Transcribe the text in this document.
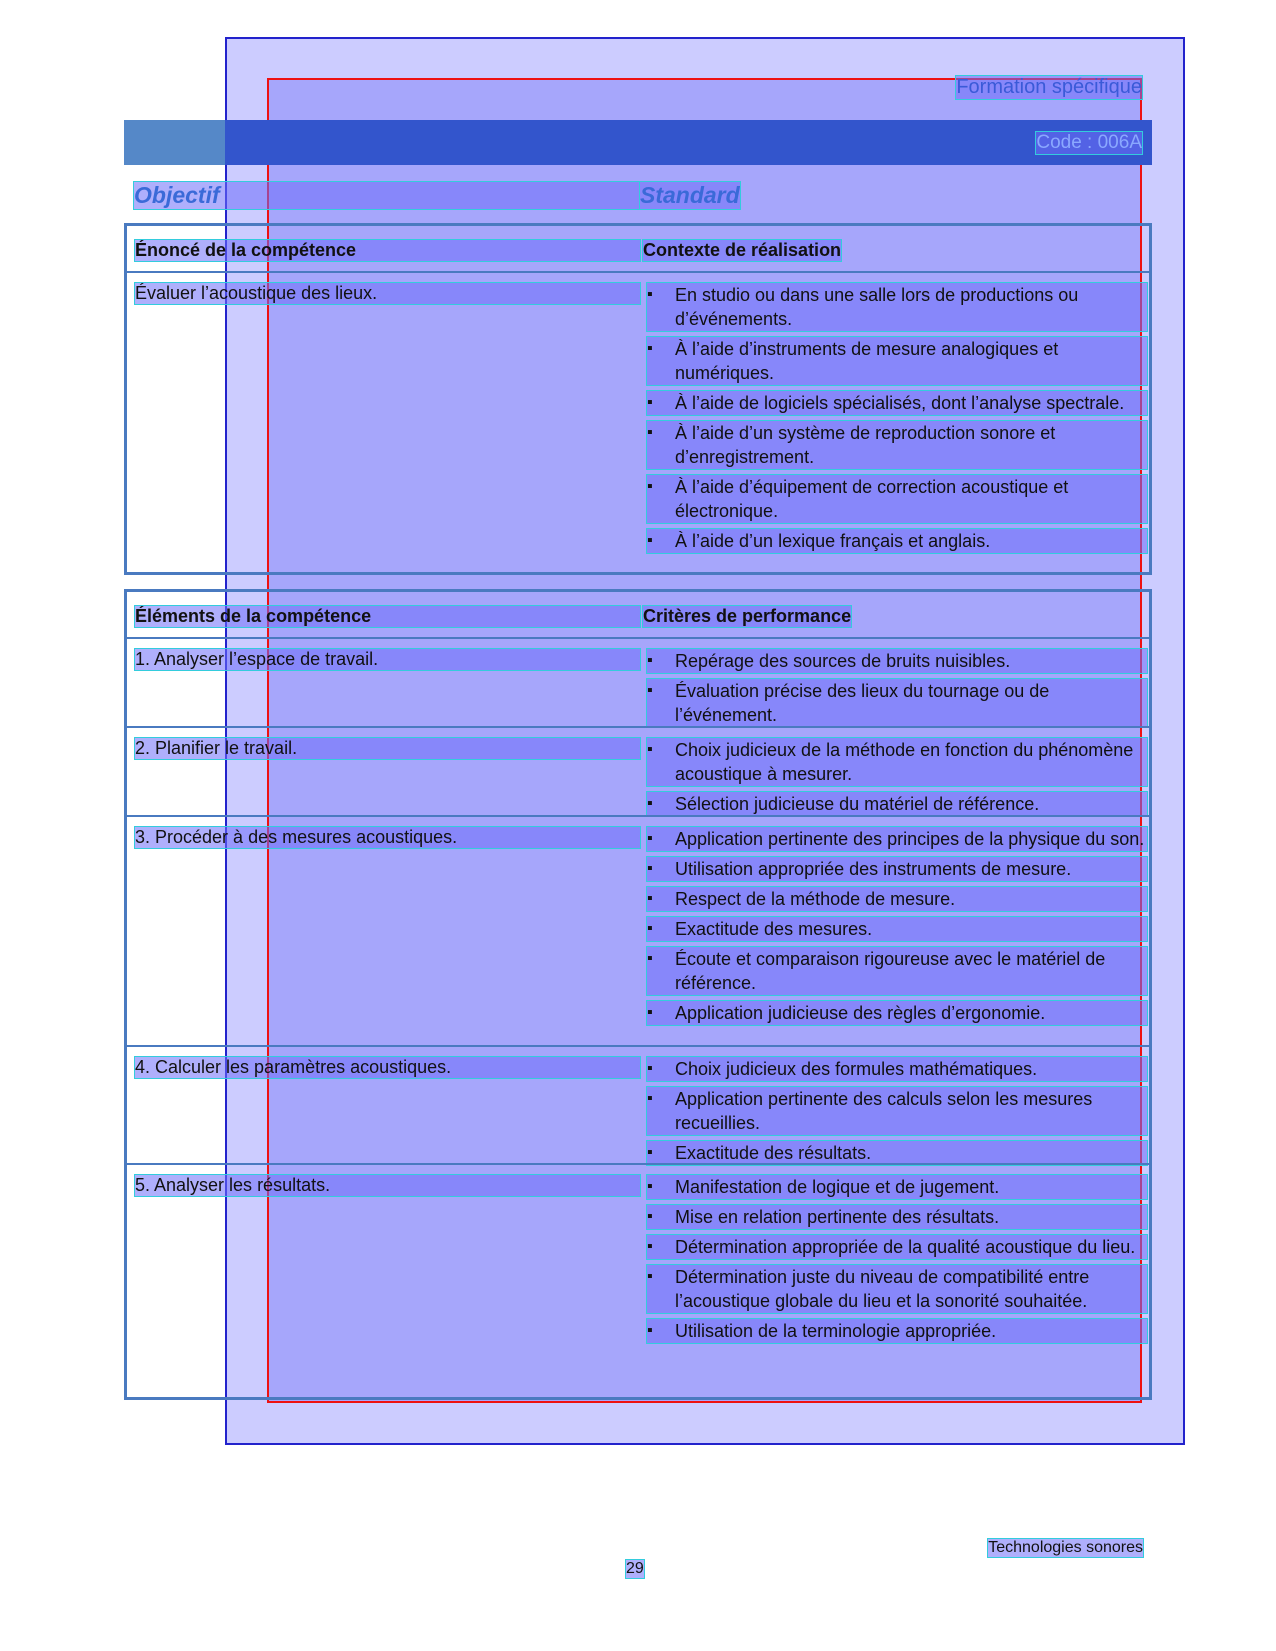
Formation spécifique
Code : 006A
Objectif	Standard
Énoncé de la compétence	Contexte de réalisation
Évaluer l’acoustique des lieux.	▪ En studio ou dans une salle lors de productions ou d’événements.
▪ À l’aide d’instruments de mesure analogiques et numériques.
▪ À l’aide de logiciels spécialisés, dont l’analyse spectrale.
▪ À l’aide d’un système de reproduction sonore et d’enregistrement.
▪ À l’aide d’équipement de correction acoustique et électronique.
▪ À l’aide d’un lexique français et anglais.
Éléments de la compétence	Critères de performance
1. Analyser l’espace de travail.	▪ Repérage des sources de bruits nuisibles.
▪ Évaluation précise des lieux du tournage ou de l’événement.
2. Planifier le travail.	▪ Choix judicieux de la méthode en fonction du phénomène acoustique à mesurer.
▪ Sélection judicieuse du matériel de référence.
3. Procéder à des mesures acoustiques.	▪ Application pertinente des principes de la physique du son.
▪ Utilisation appropriée des instruments de mesure.
▪ Respect de la méthode de mesure.
▪ Exactitude des mesures.
▪ Écoute et comparaison rigoureuse avec le matériel de référence.
▪ Application judicieuse des règles d’ergonomie.
4. Calculer les paramètres acoustiques.	▪ Choix judicieux des formules mathématiques.
▪ Application pertinente des calculs selon les mesures recueillies.
▪ Exactitude des résultats.
5. Analyser les résultats.	▪ Manifestation de logique et de jugement.
▪ Mise en relation pertinente des résultats.
▪ Détermination appropriée de la qualité acoustique du lieu.
▪ Détermination juste du niveau de compatibilité entre l’acoustique globale du lieu et la sonorité souhaitée.
▪ Utilisation de la terminologie appropriée.
Technologies sonores
29
